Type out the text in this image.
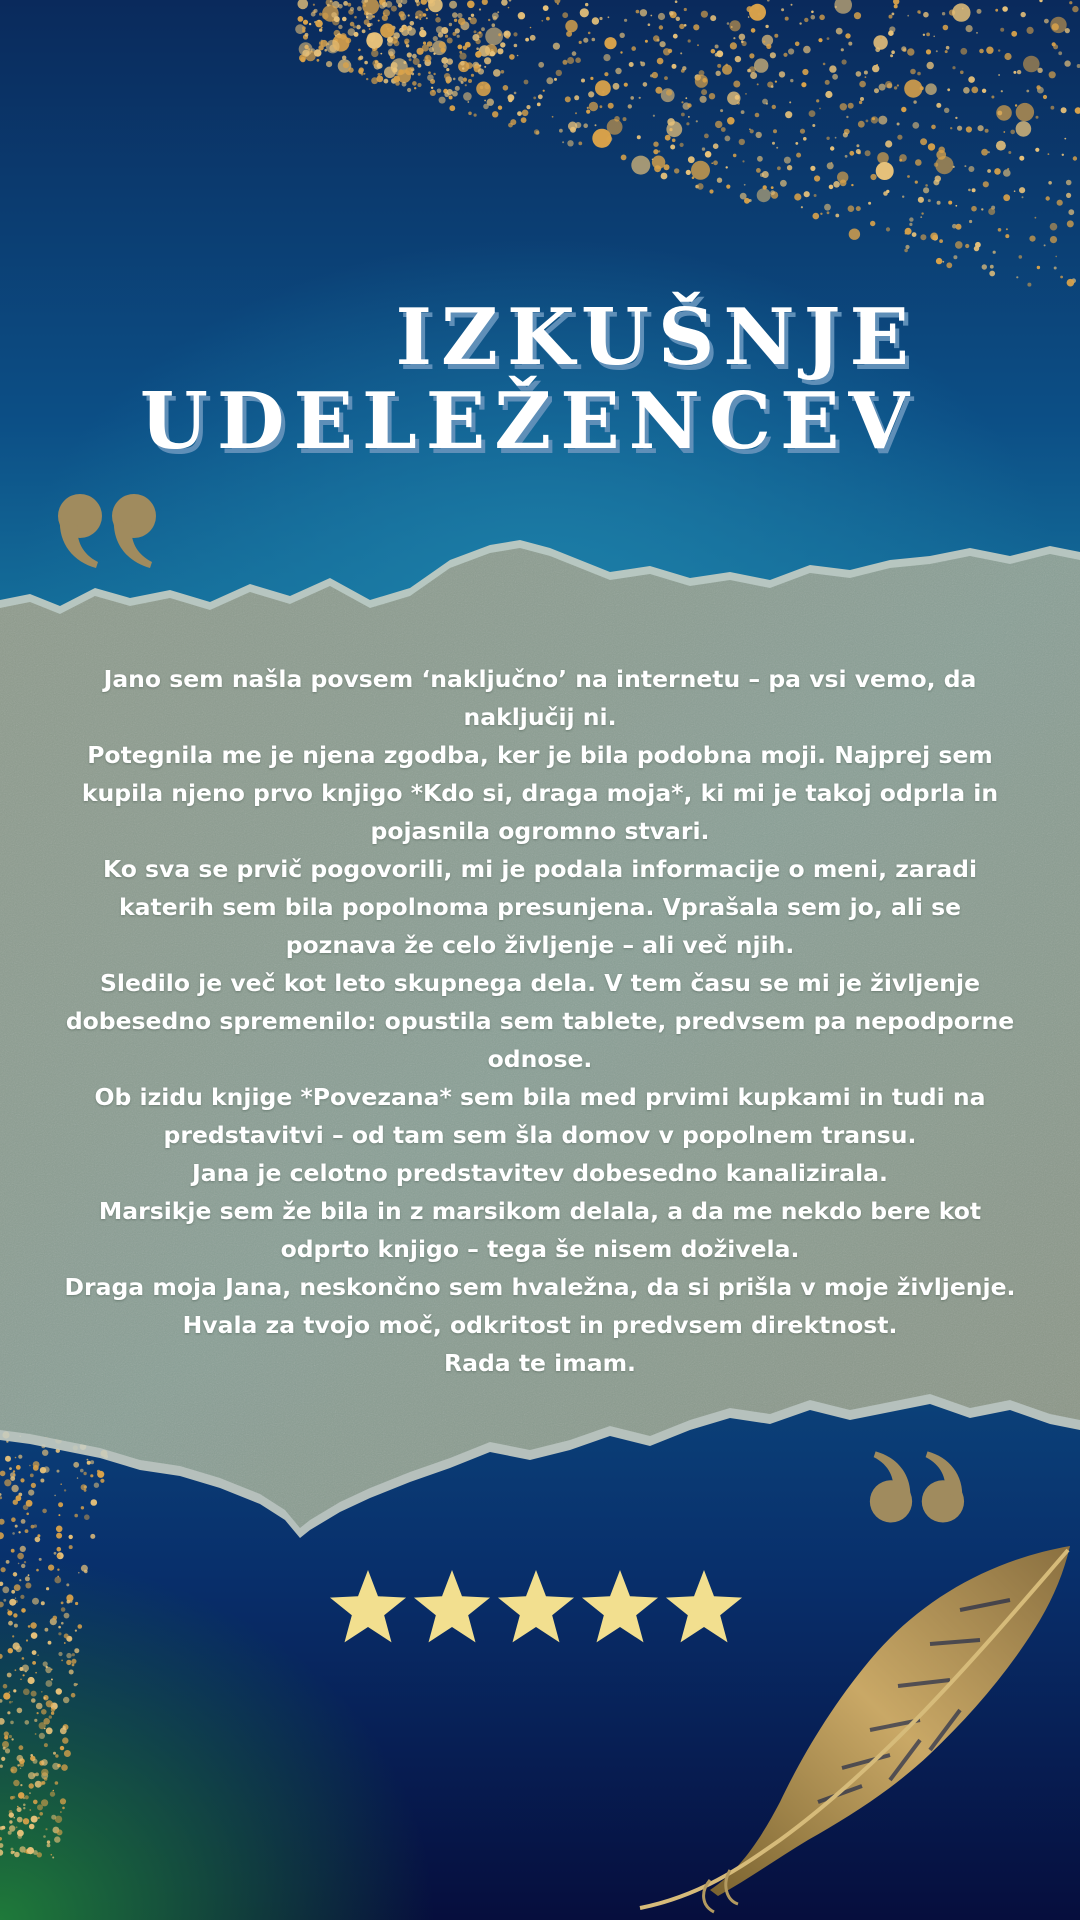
IZKUŠNJE
UDELEŽENCEV

Jano sem našla povsem ‘naključno’ na internetu – pa vsi vemo, da naključij ni.

Potegnila me je njena zgodba, ker je bila podobna moji. Najprej sem kupila njeno prvo knjigo *Kdo si, draga moja*, ki mi je takoj odprla in pojasnila ogromno stvari.

Ko sva se prvič pogovorili, mi je podala informacije o meni, zaradi katerih sem bila popolnoma presunjena. Vprašala sem jo, ali se poznava že celo življenje – ali več njih.

Sledilo je več kot leto skupnega dela. V tem času se mi je življenje dobesedno spremenilo: opustila sem tablete, predvsem pa nepodporne odnose.

Ob izidu knjige *Povezana* sem bila med prvimi kupkami in tudi na predstavitvi – od tam sem šla domov v popolnem transu.

Jana je celotno predstavitev dobesedno kanalizirala.

Marsikje sem že bila in z marsikom delala, a da me nekdo bere kot odprto knjigo – tega še nisem doživela.

Draga moja Jana, neskončno sem hvaležna, da si prišla v moje življenje.

Hvala za tvojo moč, odkritost in predvsem direktnost.

Rada te imam.
